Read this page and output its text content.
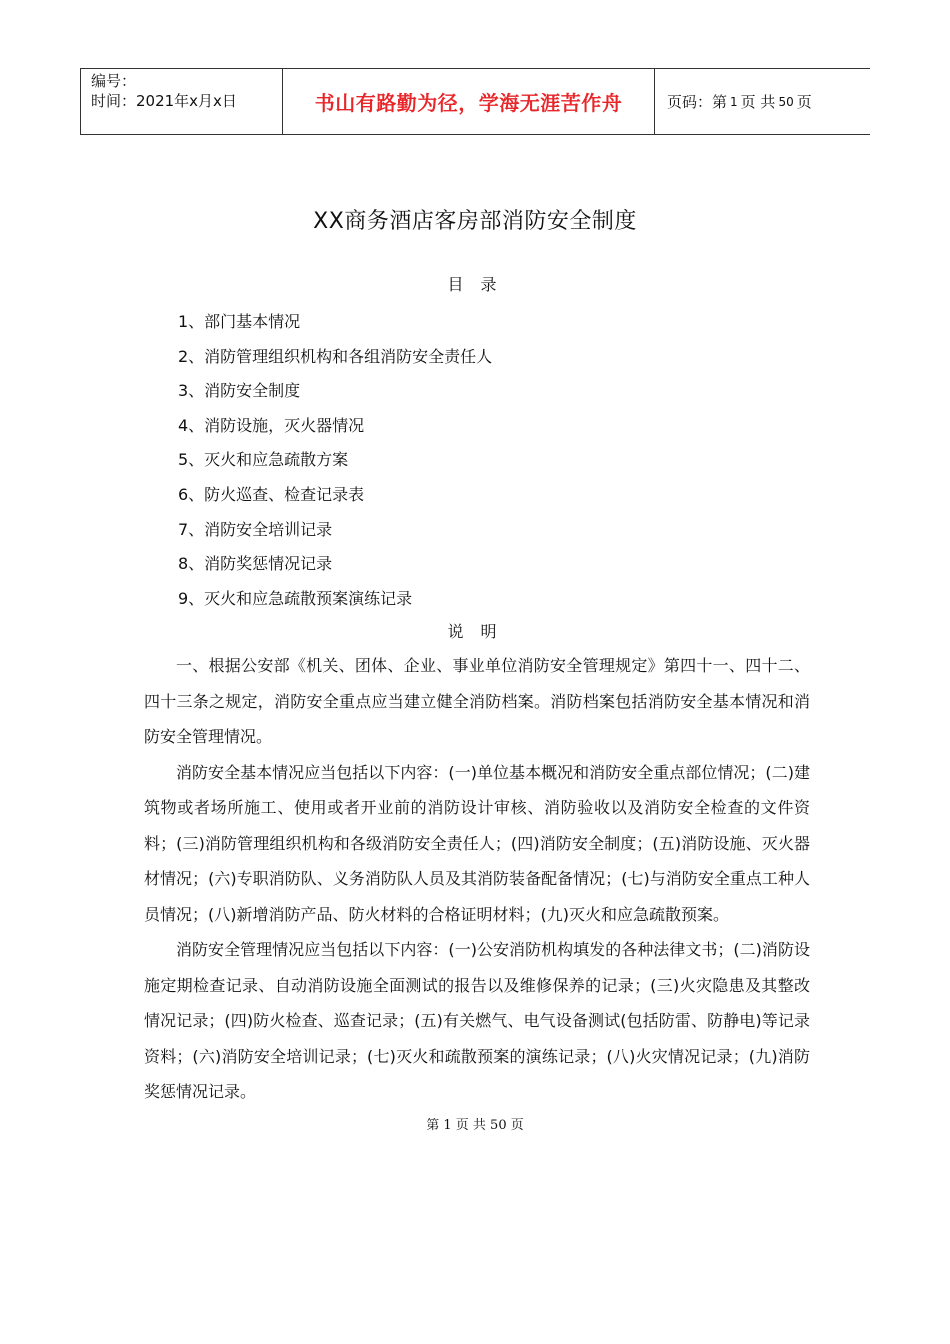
编号：
时间：2021年x月x日	书山有路勤为径，学海无涯苦作舟	页码：第 1 页 共 50 页
XX商务酒店客房部消防安全制度
目 录
1、部门基本情况
2、消防管理组织机构和各组消防安全责任人
3、消防安全制度
4、消防设施，灭火器情况
5、灭火和应急疏散方案
6、防火巡查、检查记录表
7、消防安全培训记录
8、消防奖惩情况记录
9、灭火和应急疏散预案演练记录
说 明

一、根据公安部《机关、团体、企业、事业单位消防安全管理规定》第四十一、四十二、四十三条之规定，消防安全重点应当建立健全消防档案。消防档案包括消防安全基本情况和消防安全管理情况。

消防安全基本情况应当包括以下内容：(一)单位基本概况和消防安全重点部位情况；(二)建筑物或者场所施工、使用或者开业前的消防设计审核、消防验收以及消防安全检查的文件资料；(三)消防管理组织机构和各级消防安全责任人；(四)消防安全制度；(五)消防设施、灭火器材情况；(六)专职消防队、义务消防队人员及其消防装备配备情况；(七)与消防安全重点工种人员情况；(八)新增消防产品、防火材料的合格证明材料；(九)灭火和应急疏散预案。

消防安全管理情况应当包括以下内容：(一)公安消防机构填发的各种法律文书；(二)消防设施定期检查记录、自动消防设施全面测试的报告以及维修保养的记录；(三)火灾隐患及其整改情况记录；(四)防火检查、巡查记录；(五)有关燃气、电气设备测试(包括防雷、防静电)等记录资料；(六)消防安全培训记录；(七)灭火和疏散预案的演练记录；(八)火灾情况记录；(九)消防奖惩情况记录。

第 1 页 共 50 页
